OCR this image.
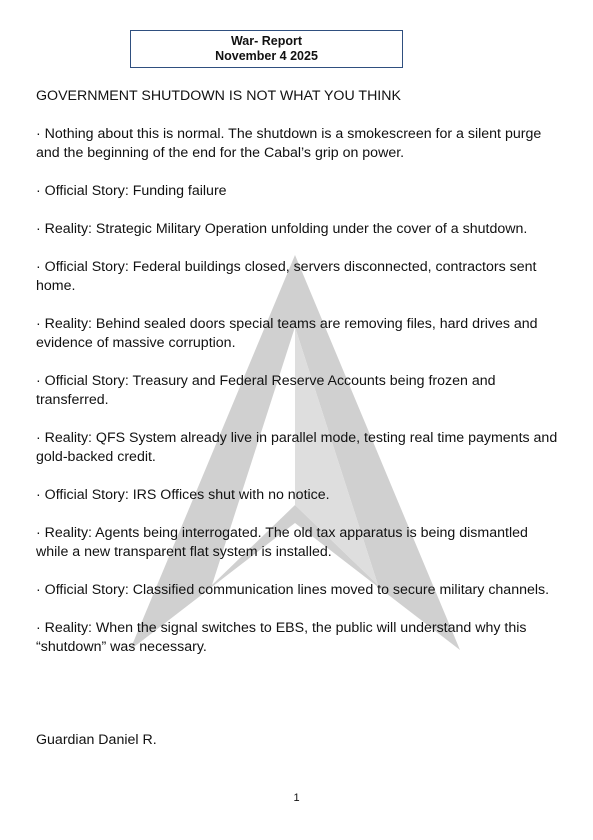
War- Report
November 4 2025

GOVERNMENT SHUTDOWN IS NOT WHAT YOU THINK

· Nothing about this is normal. The shutdown is a smokescreen for a silent purge and the beginning of the end for the Cabal’s grip on power.

· Official Story: Funding failure

· Reality: Strategic Military Operation unfolding under the cover of a shutdown.

· Official Story: Federal buildings closed, servers disconnected, contractors sent home.

· Reality: Behind sealed doors special teams are removing files, hard drives and evidence of massive corruption.

· Official Story: Treasury and Federal Reserve Accounts being frozen and transferred.

· Reality: QFS System already live in parallel mode, testing real time payments and gold-backed credit.

· Official Story: IRS Offices shut with no notice.

· Reality: Agents being interrogated. The old tax apparatus is being dismantled while a new transparent flat system is installed.

· Official Story: Classified communication lines moved to secure military channels.

· Reality: When the signal switches to EBS, the public will understand why this “shutdown” was necessary.

Guardian Daniel R.
1
